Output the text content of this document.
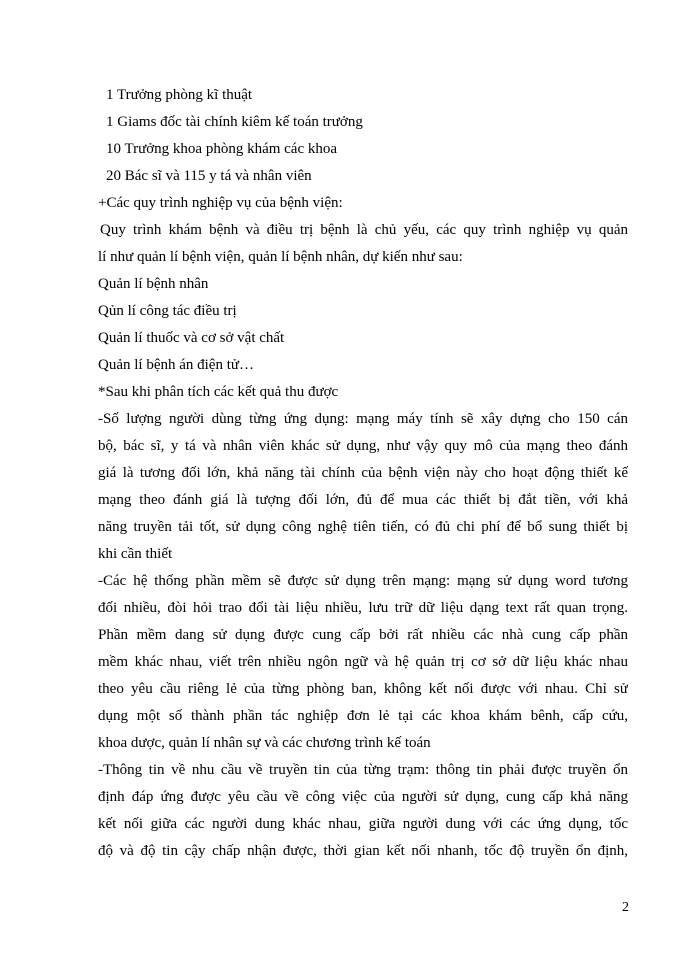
1 Trưởng phòng kĩ thuật
1 Giams đốc tài chính kiêm kế toán trưởng
10 Trưởng khoa phòng khám các khoa
20 Bác sĩ và 115 y tá và nhân viên
+Các quy trình nghiệp vụ của bệnh viện:
Quy trình khám bệnh và điều trị bệnh là chủ yếu, các quy trình nghiệp vụ quản
lí như quản lí bệnh viện, quản lí bệnh nhân, dự kiến như sau:
Quản lí bệnh nhân
Qủn lí công tác điều trị
Quản lí thuốc và cơ sở vật chất
Quản lí bệnh án điện tử…
*Sau khi phân tích các kết quả thu được
-Số lượng người dùng từng ứng dụng: mạng máy tính sẽ xây dựng cho 150 cán
bộ, bác sĩ, y tá và nhân viên khác sử dụng, như vậy quy mô của mạng theo đánh
giá là tương đối lớn, khả năng tài chính của bệnh viện này cho hoạt động thiết kế
mạng theo đánh giá là tượng đối lớn, đủ để mua các thiết bị đắt tiền, với khả
năng truyền tải tốt, sử dụng công nghệ tiên tiến, có đủ chi phí để bổ sung thiết bị
khi cần thiết
-Các hệ thống phần mềm sẽ được sử dụng trên mạng: mạng sử dụng word tương
đối nhiều, đòi hỏi trao đổi tài liệu nhiều, lưu trữ dữ liệu dạng text rất quan trọng.
Phần mềm dang sử dụng được cung cấp bởi rất nhiều các nhà cung cấp phần
mềm khác nhau, viết trên nhiều ngôn ngữ và hệ quản trị cơ sở dữ liệu khác nhau
theo yêu cầu riêng lẻ của từng phòng ban, không kết nối được với nhau. Chỉ sử
dụng một số thành phần tác nghiệp đơn lẻ tại các khoa khám bênh, cấp cứu,
khoa dược, quản lí nhân sự và các chương trình kế toán
-Thông tin về nhu cầu về truyền tin của từng trạm: thông tin phải được truyền ổn
định đáp ứng được yêu cầu về công việc của người sử dụng, cung cấp khả năng
kết nối giữa các người dung khác nhau, giữa người dung với các ứng dụng, tốc
độ và độ tin cậy chấp nhận được, thời gian kết nối nhanh, tốc độ truyền ổn định,
2
